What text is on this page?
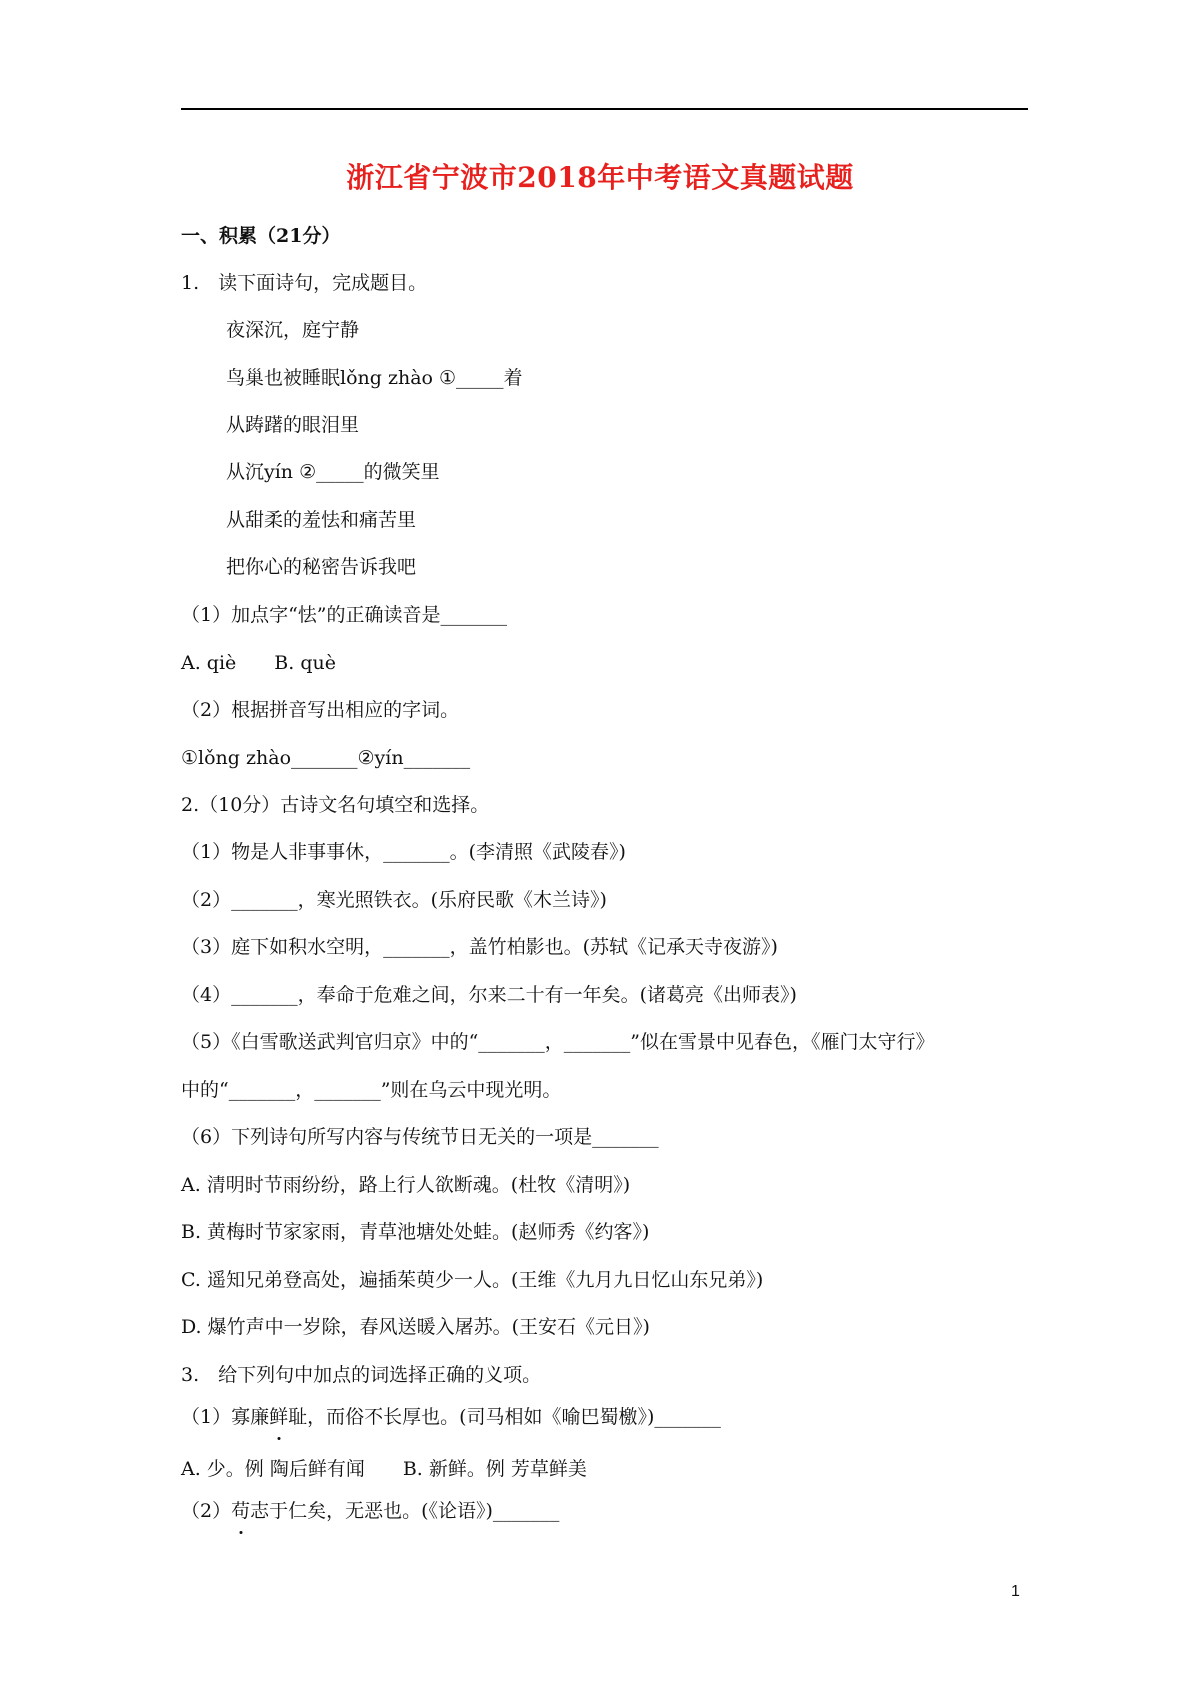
浙江省宁波市2018年中考语文真题试题
一、积累（21分）
1.　读下面诗句，完成题目。
夜深沉，庭宁静
鸟巢也被睡眠lǒng zhào ①_____着
从踌躇的眼泪里
从沉yín ②_____的微笑里
从甜柔的羞怯和痛苦里
把你心的秘密告诉我吧
（1）加点字“怯”的正确读音是_______
A. qiè　　B. què
（2）根据拼音写出相应的字词。
①lǒng zhào_______②yín_______
2.（10分）古诗文名句填空和选择。
（1）物是人非事事休，_______。(李清照《武陵春》)
（2）_______，寒光照铁衣。(乐府民歌《木兰诗》)
（3）庭下如积水空明，_______，盖竹柏影也。(苏轼《记承天寺夜游》)
（4）_______，奉命于危难之间，尔来二十有一年矣。(诸葛亮《出师表》)
（5）《白雪歌送武判官归京》中的“_______，_______”似在雪景中见春色，《雁门太守行》
中的“_______，_______”则在乌云中现光明。
（6）下列诗句所写内容与传统节日无关的一项是_______
A. 清明时节雨纷纷，路上行人欲断魂。(杜牧《清明》)
B. 黄梅时节家家雨，青草池塘处处蛙。(赵师秀《约客》)
C. 遥知兄弟登高处，遍插茱萸少一人。(王维《九月九日忆山东兄弟》)
D. 爆竹声中一岁除，春风送暖入屠苏。(王安石《元日》)
3.　给下列句中加点的词选择正确的义项。
（1）寡廉鲜耻，而俗不长厚也。(司马相如《喻巴蜀檄》)_______
A. 少。例 陶后鲜有闻　　B. 新鲜。例 芳草鲜美
（2）苟志于仁矣，无恶也。(《论语》)_______
1
